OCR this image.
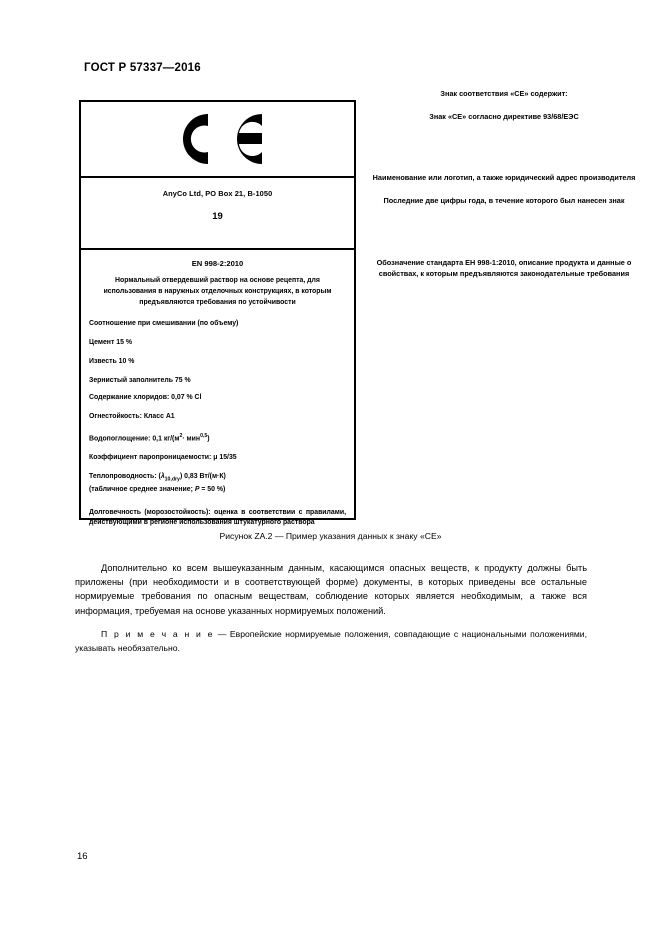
ГОСТ Р 57337—2016
AnyCo Ltd, PO Box 21, B-1050
19
EN 998-2:2010

Нормальный отвердевший раствор на основе рецепта, для использования в наружных отделочных конструкциях, в которым предъявляются требования по устойчивости

Соотношение при смешивании (по объему)

Цемент 15 %

Известь 10 %

Зернистый заполнитель 75 %

Содержание хлоридов: 0,07 % Cl

Огнестойкость: Класс А1

Водопоглощение: 0,1 $кг/(м^2\cdot мин^{0,5})$

Коэффициент паропроницаемости: μ 15/35

Теплопроводность: $(\lambda_{10,dry})$ 0,83 Вт/(м·К)
(табличное среднее значение; P = 50 %)

Долговечность (морозостойкость): оценка в соответствии с правилами, действующими в регионе использования штукатурного раствора

Знак соответствия «CE» содержит:
Знак «CE» согласно директиве 93/68/ЕЭС
Наименование или логотип, а также юридический адрес производителя
Последние две цифры года, в течение которого был нанесен знак
Обозначение стандарта ЕН 998-1:2010, описание продукта и данные о свойствах, к которым предъявляются законодательные требования
Рисунок ZA.2 — Пример указания данных к знаку «CE»

Дополнительно ко всем вышеуказанным данным, касающимся опасных веществ, к продукту должны быть приложены (при необходимости и в соответствующей форме) документы, в которых приведены все остальные нормируемые требования по опасным веществам, соблюдение которых является необходимым, а также вся информация, требуемая на основе указанных нормируемых положений.

П р и м е ч а н и е — Европейские нормируемые положения, совпадающие с национальными положениями, указывать необязательно.

16
